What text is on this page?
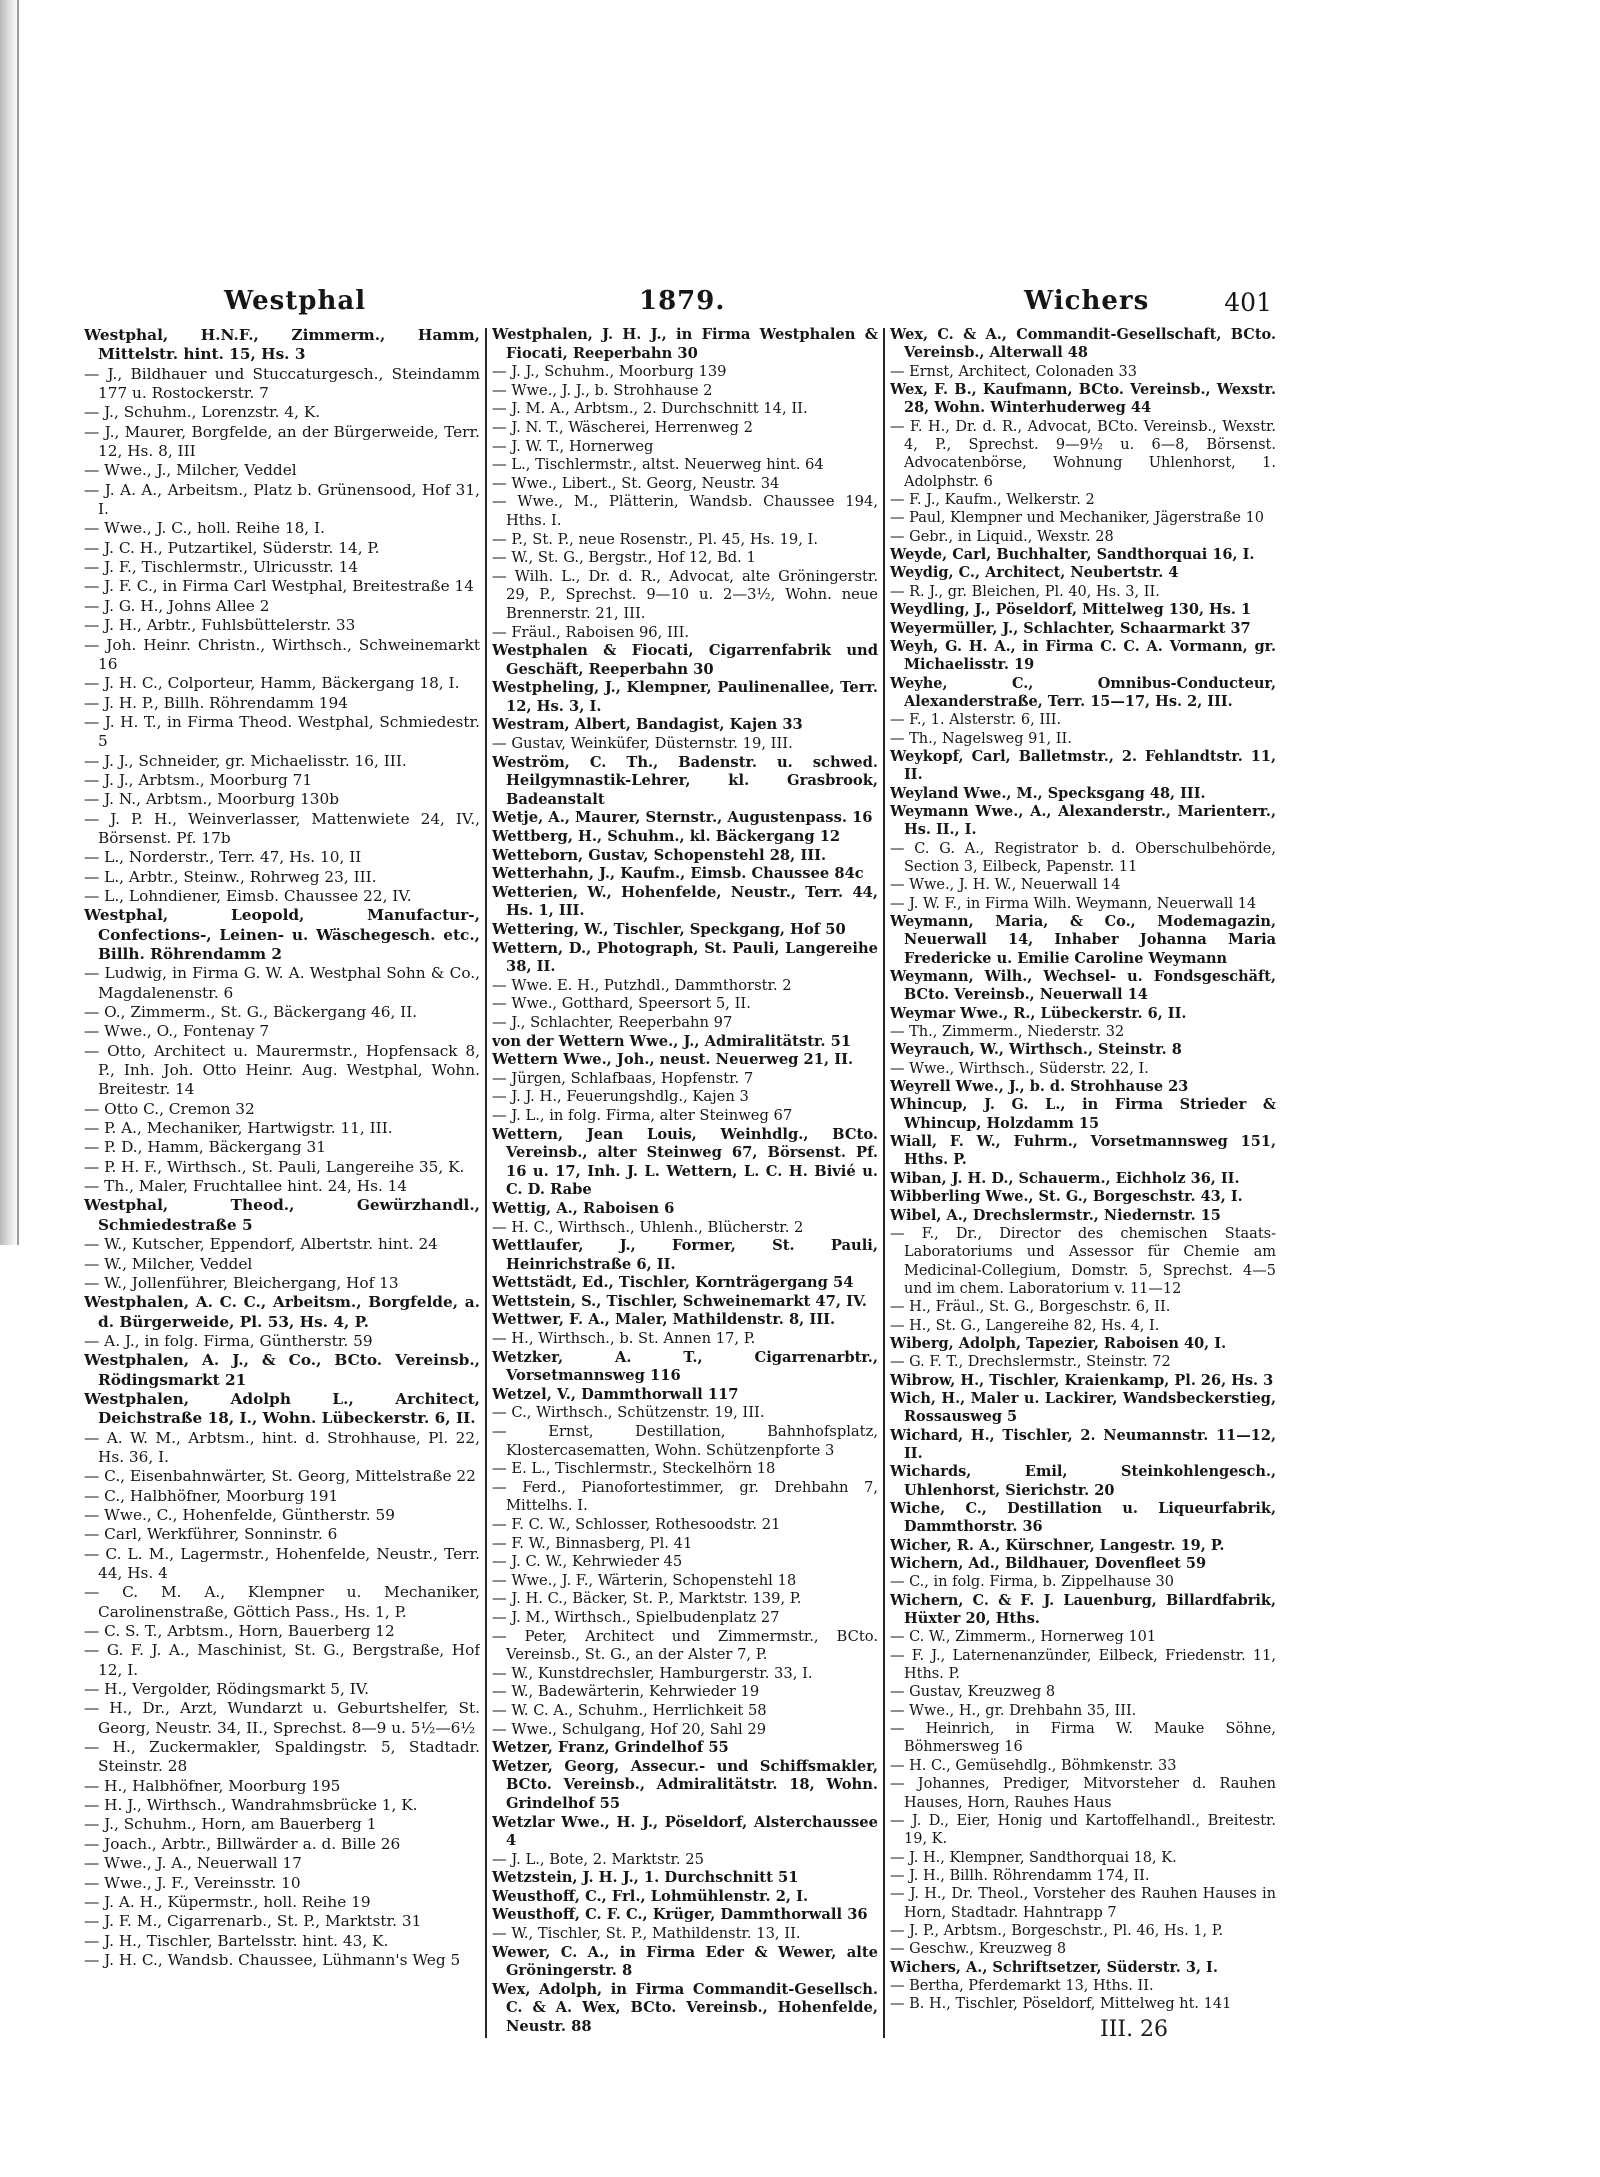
Westphal	1879.	Wichers	401

Westphal, H.N.F., Zimmerm., Hamm, Mittelstr. hint. 15, Hs. 3

— J., Bildhauer und Stuccaturgesch., Steindamm 177 u. Rostockerstr. 7

— J., Schuhm., Lorenzstr. 4, K.

— J., Maurer, Borgfelde, an der Bürgerweide, Terr. 12, Hs. 8, III

— Wwe., J., Milcher, Veddel

— J. A. A., Arbeitsm., Platz b. Grünensood, Hof 31, I.

— Wwe., J. C., holl. Reihe 18, I.

— J. C. H., Putzartikel, Süderstr. 14, P.

— J. F., Tischlermstr., Ulricusstr. 14

— J. F. C., in Firma Carl Westphal, Breitestraße 14

— J. G. H., Johns Allee 2

— J. H., Arbtr., Fuhlsbüttelerstr. 33

— Joh. Heinr. Christn., Wirthsch., Schweinemarkt 16

— J. H. C., Colporteur, Hamm, Bäckergang 18, I.

— J. H. P., Billh. Röhrendamm 194

— J. H. T., in Firma Theod. Westphal, Schmiedestr. 5

— J. J., Schneider, gr. Michaelisstr. 16, III.

— J. J., Arbtsm., Moorburg 71

— J. N., Arbtsm., Moorburg 130b

— J. P. H., Weinverlasser, Mattenwiete 24, IV., Börsenst. Pf. 17b

— L., Norderstr., Terr. 47, Hs. 10, II

— L., Arbtr., Steinw., Rohrweg 23, III.

— L., Lohndiener, Eimsb. Chaussee 22, IV.

Westphal, Leopold, Manufactur-, Confections-, Leinen- u. Wäschegesch. etc., Billh. Röhrendamm 2

— Ludwig, in Firma G. W. A. Westphal Sohn & Co., Magdalenenstr. 6

— O., Zimmerm., St. G., Bäckergang 46, II.

— Wwe., O., Fontenay 7

— Otto, Architect u. Maurermstr., Hopfensack 8, P., Inh. Joh. Otto Heinr. Aug. Westphal, Wohn. Breitestr. 14

— Otto C., Cremon 32

— P. A., Mechaniker, Hartwigstr. 11, III.

— P. D., Hamm, Bäckergang 31

— P. H. F., Wirthsch., St. Pauli, Langereihe 35, K.

— Th., Maler, Fruchtallee hint. 24, Hs. 14

Westphal, Theod., Gewürzhandl., Schmiedestraße 5

— W., Kutscher, Eppendorf, Albertstr. hint. 24

— W., Milcher, Veddel

— W., Jollenführer, Bleichergang, Hof 13

Westphalen, A. C. C., Arbeitsm., Borgfelde, a. d. Bürgerweide, Pl. 53, Hs. 4, P.

— A. J., in folg. Firma, Güntherstr. 59

Westphalen, A. J., & Co., BCto. Vereinsb., Rödingsmarkt 21

Westphalen, Adolph L., Architect, Deichstraße 18, I., Wohn. Lübeckerstr. 6, II.

— A. W. M., Arbtsm., hint. d. Strohhause, Pl. 22, Hs. 36, I.

— C., Eisenbahnwärter, St. Georg, Mittelstraße 22

— C., Halbhöfner, Moorburg 191

— Wwe., C., Hohenfelde, Güntherstr. 59

— Carl, Werkführer, Sonninstr. 6

— C. L. M., Lagermstr., Hohenfelde, Neustr., Terr. 44, Hs. 4

— C. M. A., Klempner u. Mechaniker, Carolinenstraße, Göttich Pass., Hs. 1, P.

— C. S. T., Arbtsm., Horn, Bauerberg 12

— G. F. J. A., Maschinist, St. G., Bergstraße, Hof 12, I.

— H., Vergolder, Rödingsmarkt 5, IV.

— H., Dr., Arzt, Wundarzt u. Geburtshelfer, St. Georg, Neustr. 34, II., Sprechst. 8—9 u. 5½—6½

— H., Zuckermakler, Spaldingstr. 5, Stadtadr. Steinstr. 28

— H., Halbhöfner, Moorburg 195

— H. J., Wirthsch., Wandrahmsbrücke 1, K.

— J., Schuhm., Horn, am Bauerberg 1

— Joach., Arbtr., Billwärder a. d. Bille 26

— Wwe., J. A., Neuerwall 17

— Wwe., J. F., Vereinsstr. 10

— J. A. H., Küpermstr., holl. Reihe 19

— J. F. M., Cigarrenarb., St. P., Marktstr. 31

— J. H., Tischler, Bartelsstr. hint. 43, K.

— J. H. C., Wandsb. Chaussee, Lühmann's Weg 5

Westphalen, J. H. J., in Firma Westphalen & Fiocati, Reeperbahn 30

— J. J., Schuhm., Moorburg 139

— Wwe., J. J., b. Strohhause 2

— J. M. A., Arbtsm., 2. Durchschnitt 14, II.

— J. N. T., Wäscherei, Herrenweg 2

— J. W. T., Hornerweg

— L., Tischlermstr., altst. Neuerweg hint. 64

— Wwe., Libert., St. Georg, Neustr. 34

— Wwe., M., Plätterin, Wandsb. Chaussee 194, Hths. I.

— P., St. P., neue Rosenstr., Pl. 45, Hs. 19, I.

— W., St. G., Bergstr., Hof 12, Bd. 1

— Wilh. L., Dr. d. R., Advocat, alte Gröningerstr. 29, P., Sprechst. 9—10 u. 2—3½, Wohn. neue Brennerstr. 21, III.

— Fräul., Raboisen 96, III.

Westphalen & Fiocati, Cigarrenfabrik und Geschäft, Reeperbahn 30

Westpheling, J., Klempner, Paulinenallee, Terr. 12, Hs. 3, I.

Westram, Albert, Bandagist, Kajen 33

— Gustav, Weinküfer, Düsternstr. 19, III.

Weström, C. Th., Badenstr. u. schwed. Heilgymnastik-Lehrer, kl. Grasbrook, Badeanstalt

Wetje, A., Maurer, Sternstr., Augustenpass. 16

Wettberg, H., Schuhm., kl. Bäckergang 12

Wetteborn, Gustav, Schopenstehl 28, III.

Wetterhahn, J., Kaufm., Eimsb. Chaussee 84c

Wetterien, W., Hohenfelde, Neustr., Terr. 44, Hs. 1, III.

Wettering, W., Tischler, Speckgang, Hof 50

Wettern, D., Photograph, St. Pauli, Langereihe 38, II.

— Wwe. E. H., Putzhdl., Dammthorstr. 2

— Wwe., Gotthard, Speersort 5, II.

— J., Schlachter, Reeperbahn 97

von der Wettern Wwe., J., Admiralitätstr. 51

Wettern Wwe., Joh., neust. Neuerweg 21, II.

— Jürgen, Schlafbaas, Hopfenstr. 7

— J. J. H., Feuerungshdlg., Kajen 3

— J. L., in folg. Firma, alter Steinweg 67

Wettern, Jean Louis, Weinhdlg., BCto. Vereinsb., alter Steinweg 67, Börsenst. Pf. 16 u. 17, Inh. J. L. Wettern, L. C. H. Bivié u. C. D. Rabe

Wettig, A., Raboisen 6

— H. C., Wirthsch., Uhlenh., Blücherstr. 2

Wettlaufer, J., Former, St. Pauli, Heinrichstraße 6, II.

Wettstädt, Ed., Tischler, Kornträgergang 54

Wettstein, S., Tischler, Schweinemarkt 47, IV.

Wettwer, F. A., Maler, Mathildenstr. 8, III.

— H., Wirthsch., b. St. Annen 17, P.

Wetzker, A. T., Cigarrenarbtr., Vorsetmannsweg 116

Wetzel, V., Dammthorwall 117

— C., Wirthsch., Schützenstr. 19, III.

— Ernst, Destillation, Bahnhofsplatz, Klostercasematten, Wohn. Schützenpforte 3

— E. L., Tischlermstr., Steckelhörn 18

— Ferd., Pianofortestimmer, gr. Drehbahn 7, Mittelhs. I.

— F. C. W., Schlosser, Rothesoodstr. 21

— F. W., Binnasberg, Pl. 41

— J. C. W., Kehrwieder 45

— Wwe., J. F., Wärterin, Schopenstehl 18

— J. H. C., Bäcker, St. P., Marktstr. 139, P.

— J. M., Wirthsch., Spielbudenplatz 27

— Peter, Architect und Zimmermstr., BCto. Vereinsb., St. G., an der Alster 7, P.

— W., Kunstdrechsler, Hamburgerstr. 33, I.

— W., Badewärterin, Kehrwieder 19

— W. C. A., Schuhm., Herrlichkeit 58

— Wwe., Schulgang, Hof 20, Sahl 29

Wetzer, Franz, Grindelhof 55

Wetzer, Georg, Assecur.- und Schiffsmakler, BCto. Vereinsb., Admiralitätstr. 18, Wohn. Grindelhof 55

Wetzlar Wwe., H. J., Pöseldorf, Alsterchaussee 4

— J. L., Bote, 2. Marktstr. 25

Wetzstein, J. H. J., 1. Durchschnitt 51

Weusthoff, C., Frl., Lohmühlenstr. 2, I.

Weusthoff, C. F. C., Krüger, Dammthorwall 36

— W., Tischler, St. P., Mathildenstr. 13, II.

Wewer, C. A., in Firma Eder & Wewer, alte Gröningerstr. 8

Wex, Adolph, in Firma Commandit-Gesellsch. C. & A. Wex, BCto. Vereinsb., Hohenfelde, Neustr. 88

Wex, C. & A., Commandit-Gesellschaft, BCto. Vereinsb., Alterwall 48

— Ernst, Architect, Colonaden 33

Wex, F. B., Kaufmann, BCto. Vereinsb., Wexstr. 28, Wohn. Winterhuderweg 44

— F. H., Dr. d. R., Advocat, BCto. Vereinsb., Wexstr. 4, P., Sprechst. 9—9½ u. 6—8, Börsenst. Advocatenbörse, Wohnung Uhlenhorst, 1. Adolphstr. 6

— F. J., Kaufm., Welkerstr. 2

— Paul, Klempner und Mechaniker, Jägerstraße 10

— Gebr., in Liquid., Wexstr. 28

Weyde, Carl, Buchhalter, Sandthorquai 16, I.

Weydig, C., Architect, Neubertstr. 4

— R. J., gr. Bleichen, Pl. 40, Hs. 3, II.

Weydling, J., Pöseldorf, Mittelweg 130, Hs. 1

Weyermüller, J., Schlachter, Schaarmarkt 37

Weyh, G. H. A., in Firma C. C. A. Vormann, gr. Michaelisstr. 19

Weyhe, C., Omnibus-Conducteur, Alexanderstraße, Terr. 15—17, Hs. 2, III.

— F., 1. Alsterstr. 6, III.

— Th., Nagelsweg 91, II.

Weykopf, Carl, Balletmstr., 2. Fehlandtstr. 11, II.

Weyland Wwe., M., Specksgang 48, III.

Weymann Wwe., A., Alexanderstr., Marienterr., Hs. II., I.

— C. G. A., Registrator b. d. Oberschulbehörde, Section 3, Eilbeck, Papenstr. 11

— Wwe., J. H. W., Neuerwall 14

— J. W. F., in Firma Wilh. Weymann, Neuerwall 14

Weymann, Maria, & Co., Modemagazin, Neuerwall 14, Inhaber Johanna Maria Fredericke u. Emilie Caroline Weymann

Weymann, Wilh., Wechsel- u. Fondsgeschäft, BCto. Vereinsb., Neuerwall 14

Weymar Wwe., R., Lübeckerstr. 6, II.

— Th., Zimmerm., Niederstr. 32

Weyrauch, W., Wirthsch., Steinstr. 8

— Wwe., Wirthsch., Süderstr. 22, I.

Weyrell Wwe., J., b. d. Strohhause 23

Whincup, J. G. L., in Firma Strieder & Whincup, Holzdamm 15

Wiall, F. W., Fuhrm., Vorsetmannsweg 151, Hths. P.

Wiban, J. H. D., Schauerm., Eichholz 36, II.

Wibberling Wwe., St. G., Borgeschstr. 43, I.

Wibel, A., Drechslermstr., Niedernstr. 15

— F., Dr., Director des chemischen Staats-Laboratoriums und Assessor für Chemie am Medicinal-Collegium, Domstr. 5, Sprechst. 4—5 und im chem. Laboratorium v. 11—12

— H., Fräul., St. G., Borgeschstr. 6, II.

— H., St. G., Langereihe 82, Hs. 4, I.

Wiberg, Adolph, Tapezier, Raboisen 40, I.

— G. F. T., Drechslermstr., Steinstr. 72

Wibrow, H., Tischler, Kraienkamp, Pl. 26, Hs. 3

Wich, H., Maler u. Lackirer, Wandsbeckerstieg, Rossausweg 5

Wichard, H., Tischler, 2. Neumannstr. 11—12, II.

Wichards, Emil, Steinkohlengesch., Uhlenhorst, Sierichstr. 20

Wiche, C., Destillation u. Liqueurfabrik, Dammthorstr. 36

Wicher, R. A., Kürschner, Langestr. 19, P.

Wichern, Ad., Bildhauer, Dovenfleet 59

— C., in folg. Firma, b. Zippelhause 30

Wichern, C. & F. J. Lauenburg, Billardfabrik, Hüxter 20, Hths.

— C. W., Zimmerm., Hornerweg 101

— F. J., Laternenanzünder, Eilbeck, Friedenstr. 11, Hths. P.

— Gustav, Kreuzweg 8

— Wwe., H., gr. Drehbahn 35, III.

— Heinrich, in Firma W. Mauke Söhne, Böhmersweg 16

— H. C., Gemüsehdlg., Böhmkenstr. 33

— Johannes, Prediger, Mitvorsteher d. Rauhen Hauses, Horn, Rauhes Haus

— J. D., Eier, Honig und Kartoffelhandl., Breitestr. 19, K.

— J. H., Klempner, Sandthorquai 18, K.

— J. H., Billh. Röhrendamm 174, II.

— J. H., Dr. Theol., Vorsteher des Rauhen Hauses in Horn, Stadtadr. Hahntrapp 7

— J. P., Arbtsm., Borgeschstr., Pl. 46, Hs. 1, P.

— Geschw., Kreuzweg 8

Wichers, A., Schriftsetzer, Süderstr. 3, I.

— Bertha, Pferdemarkt 13, Hths. II.

— B. H., Tischler, Pöseldorf, Mittelweg ht. 141

III. 26
